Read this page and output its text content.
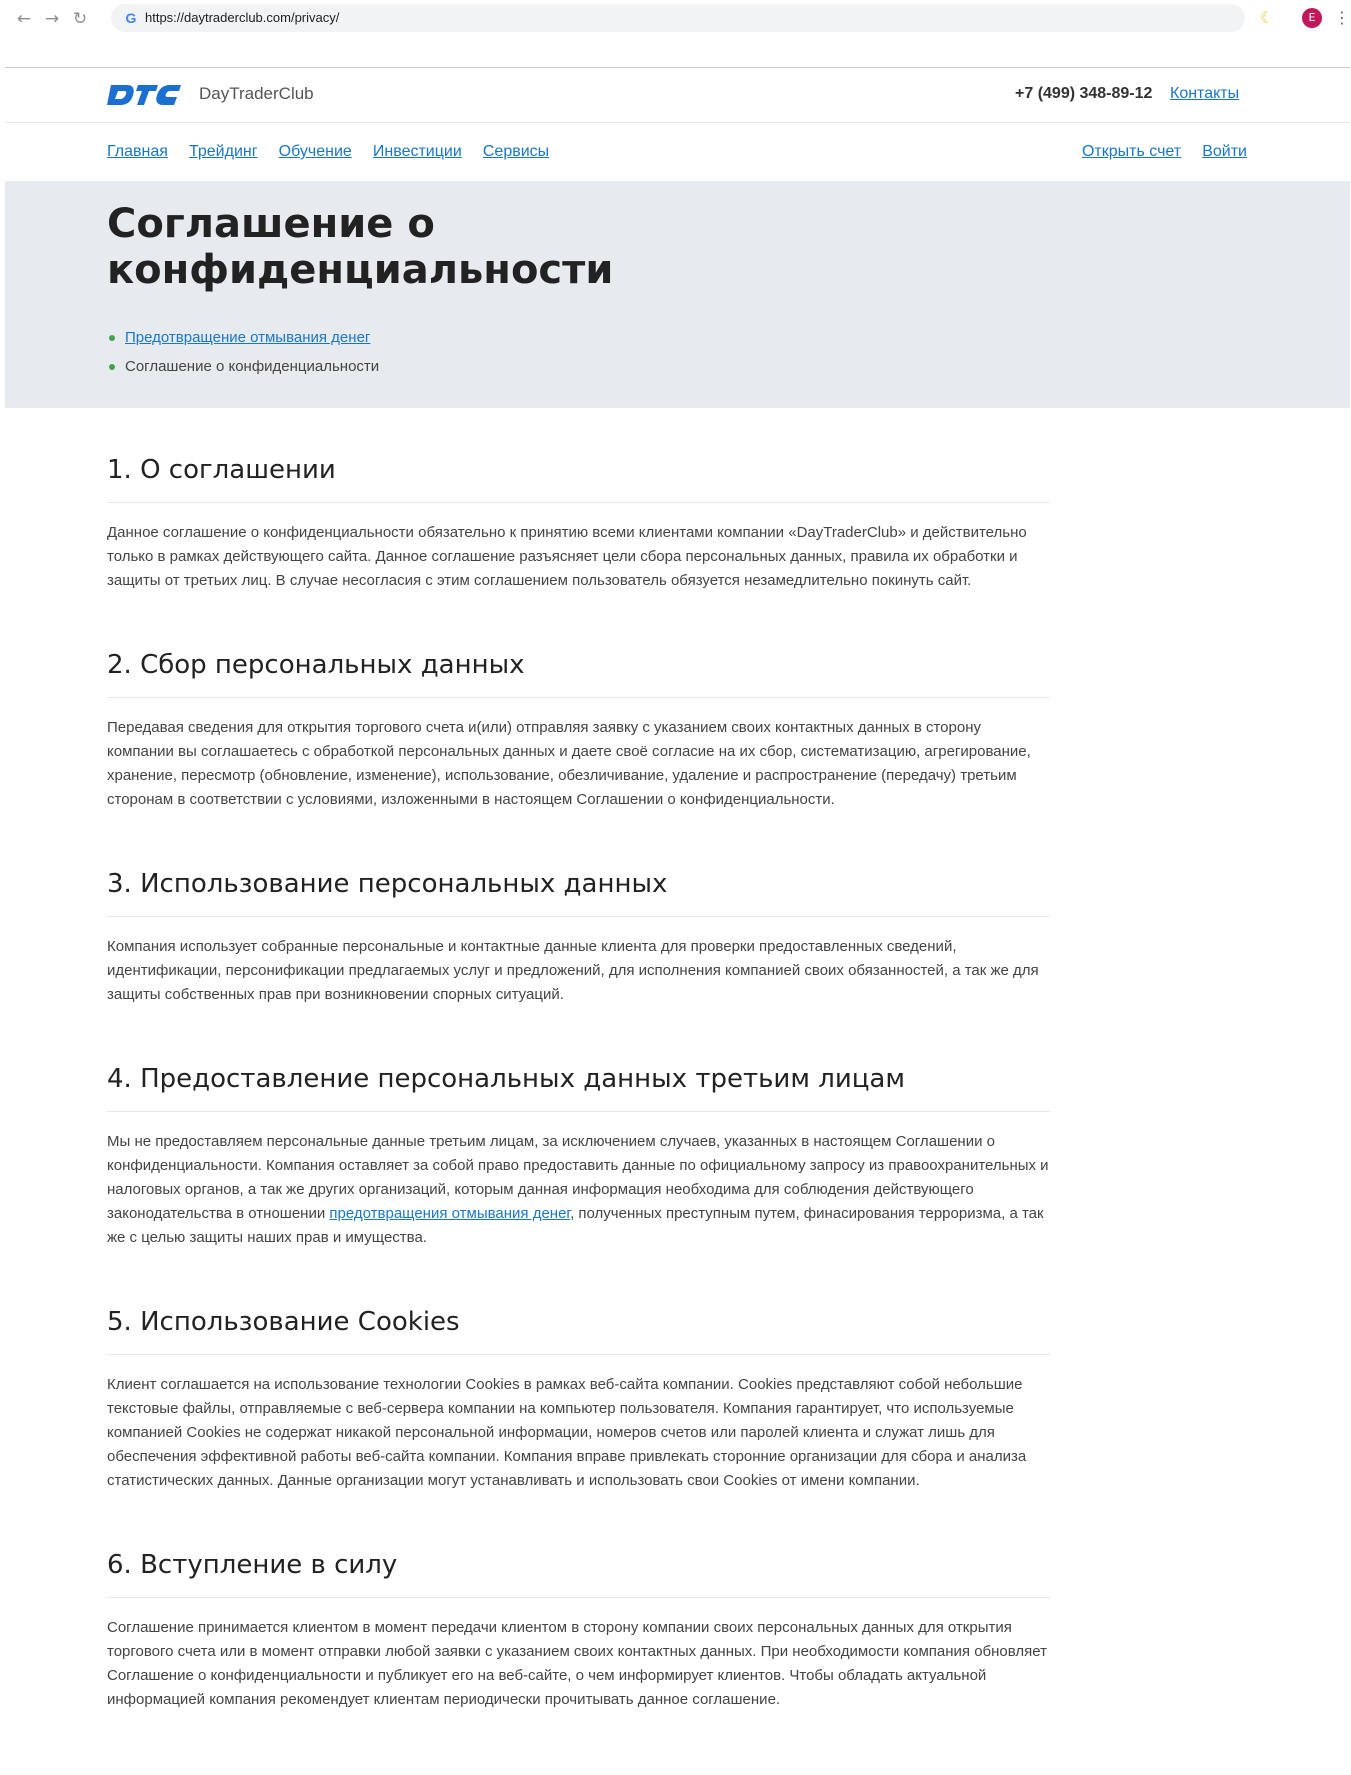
← → ↻	G https://daytraderclub.com/privacy/	☾	E	⋮
DayTraderClub	+7 (499) 348-89-12 Контакты
Главная Трейдинг Обучение Инвестиции Сервисы	Открыть счет Войти
Соглашение о конфиденциальности
Предотвращение отмывания денег
Соглашение о конфиденциальности
1. О соглашении

Данное соглашение о конфиденциальности обязательно к принятию всеми клиентами компании «DayTraderClub» и действительно только в рамках действующего сайта. Данное соглашение разъясняет цели сбора персональных данных, правила их обработки и защиты от третьих лиц. В случае несогласия с этим соглашением пользователь обязуется незамедлительно покинуть сайт.

2. Сбор персональных данных

Передавая сведения для открытия торгового счета и(или) отправляя заявку с указанием своих контактных данных в сторону компании вы соглашаетесь с обработкой персональных данных и даете своё согласие на их сбор, систематизацию, агрегирование, хранение, пересмотр (обновление, изменение), использование, обезличивание, удаление и распространение (передачу) третьим сторонам в соответствии с условиями, изложенными в настоящем Соглашении о конфиденциальности.

3. Использование персональных данных

Компания использует собранные персональные и контактные данные клиента для проверки предоставленных сведений, идентификации, персонификации предлагаемых услуг и предложений, для исполнения компанией своих обязанностей, а так же для защиты собственных прав при возникновении спорных ситуаций.

4. Предоставление персональных данных третьим лицам

Мы не предоставляем персональные данные третьим лицам, за исключением случаев, указанных в настоящем Соглашении о конфиденциальности. Компания оставляет за собой право предоставить данные по официальному запросу из правоохранительных и налоговых органов, а так же других организаций, которым данная информация необходима для соблюдения действующего законодательства в отношении предотвращения отмывания денег, полученных преступным путем, финасирования терроризма, а так же с целью защиты наших прав и имущества.

5. Использование Cookies

Клиент соглашается на использование технологии Cookies в рамках веб-сайта компании. Cookies представляют собой небольшие текстовые файлы, отправляемые с веб-сервера компании на компьютер пользователя. Компания гарантирует, что используемые компанией Cookies не содержат никакой персональной информации, номеров счетов или паролей клиента и служат лишь для обеспечения эффективной работы веб-сайта компании. Компания вправе привлекать сторонние организации для сбора и анализа статистических данных. Данные организации могут устанавливать и использовать свои Cookies от имени компании.

6. Вступление в силу

Соглашение принимается клиентом в момент передачи клиентом в сторону компании своих персональных данных для открытия торгового счета или в момент отправки любой заявки с указанием своих контактных данных. При необходимости компания обновляет Соглашение о конфиденциальности и публикует его на веб-сайте, о чем информирует клиентов. Чтобы обладать актуальной информацией компания рекомендует клиентам периодически прочитывать данное соглашение.
